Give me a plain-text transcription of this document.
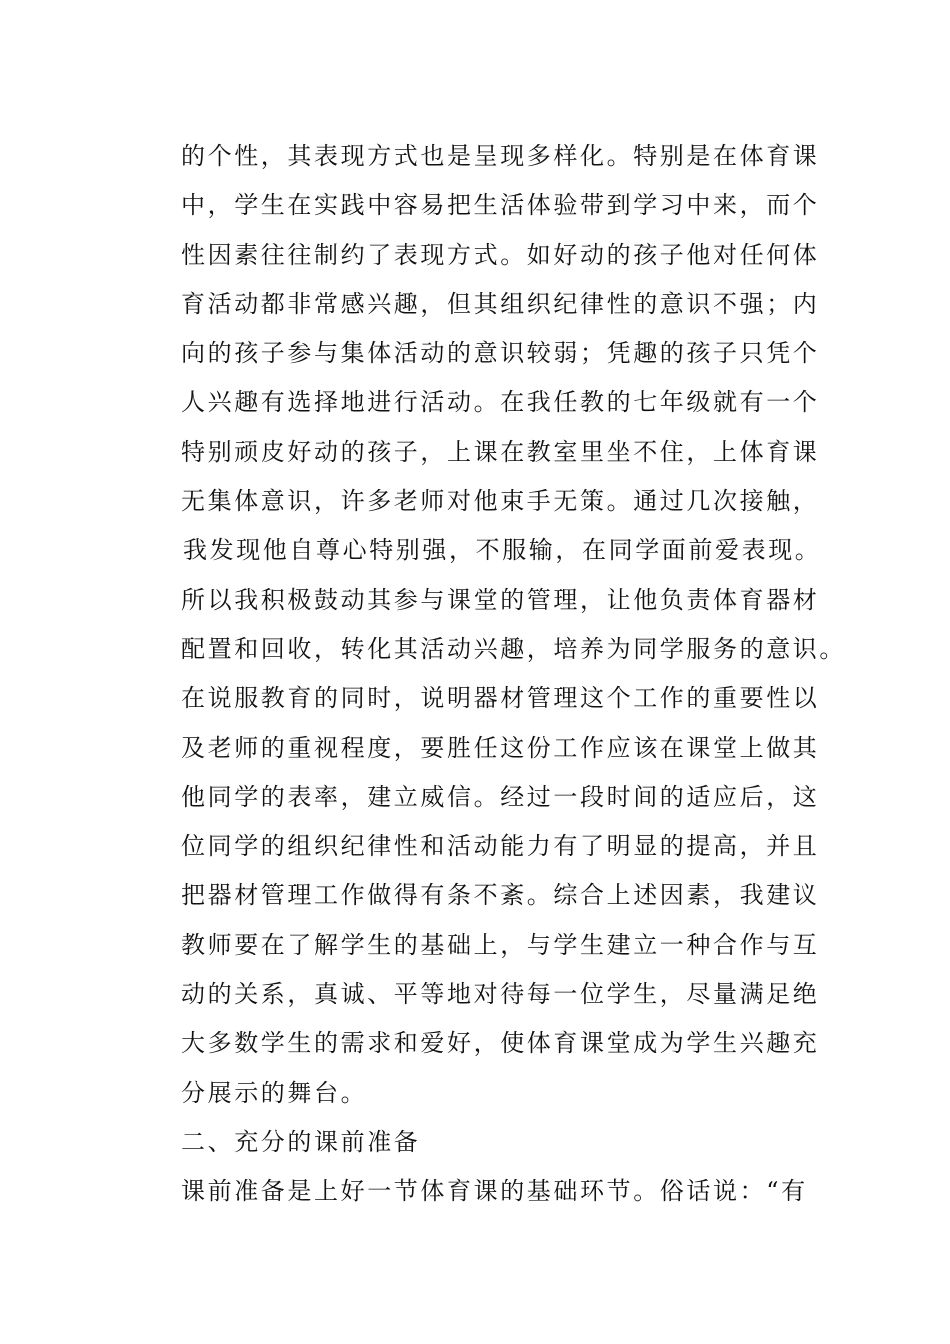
的个性，其表现方式也是呈现多样化。特别是在体育课
中，学生在实践中容易把生活体验带到学习中来，而个
性因素往往制约了表现方式。如好动的孩子他对任何体
育活动都非常感兴趣，但其组织纪律性的意识不强；内
向的孩子参与集体活动的意识较弱；凭趣的孩子只凭个
人兴趣有选择地进行活动。在我任教的七年级就有一个
特别顽皮好动的孩子，上课在教室里坐不住，上体育课
无集体意识，许多老师对他束手无策。通过几次接触，
我发现他自尊心特别强，不服输，在同学面前爱表现。
所以我积极鼓动其参与课堂的管理，让他负责体育器材
配置和回收，转化其活动兴趣，培养为同学服务的意识。
在说服教育的同时，说明器材管理这个工作的重要性以
及老师的重视程度，要胜任这份工作应该在课堂上做其
他同学的表率，建立威信。经过一段时间的适应后，这
位同学的组织纪律性和活动能力有了明显的提高，并且
把器材管理工作做得有条不紊。综合上述因素，我建议
教师要在了解学生的基础上，与学生建立一种合作与互
动的关系，真诚、平等地对待每一位学生，尽量满足绝
大多数学生的需求和爱好，使体育课堂成为学生兴趣充
分展示的舞台。
二、充分的课前准备
课前准备是上好一节体育课的基础环节。俗话说：“有
